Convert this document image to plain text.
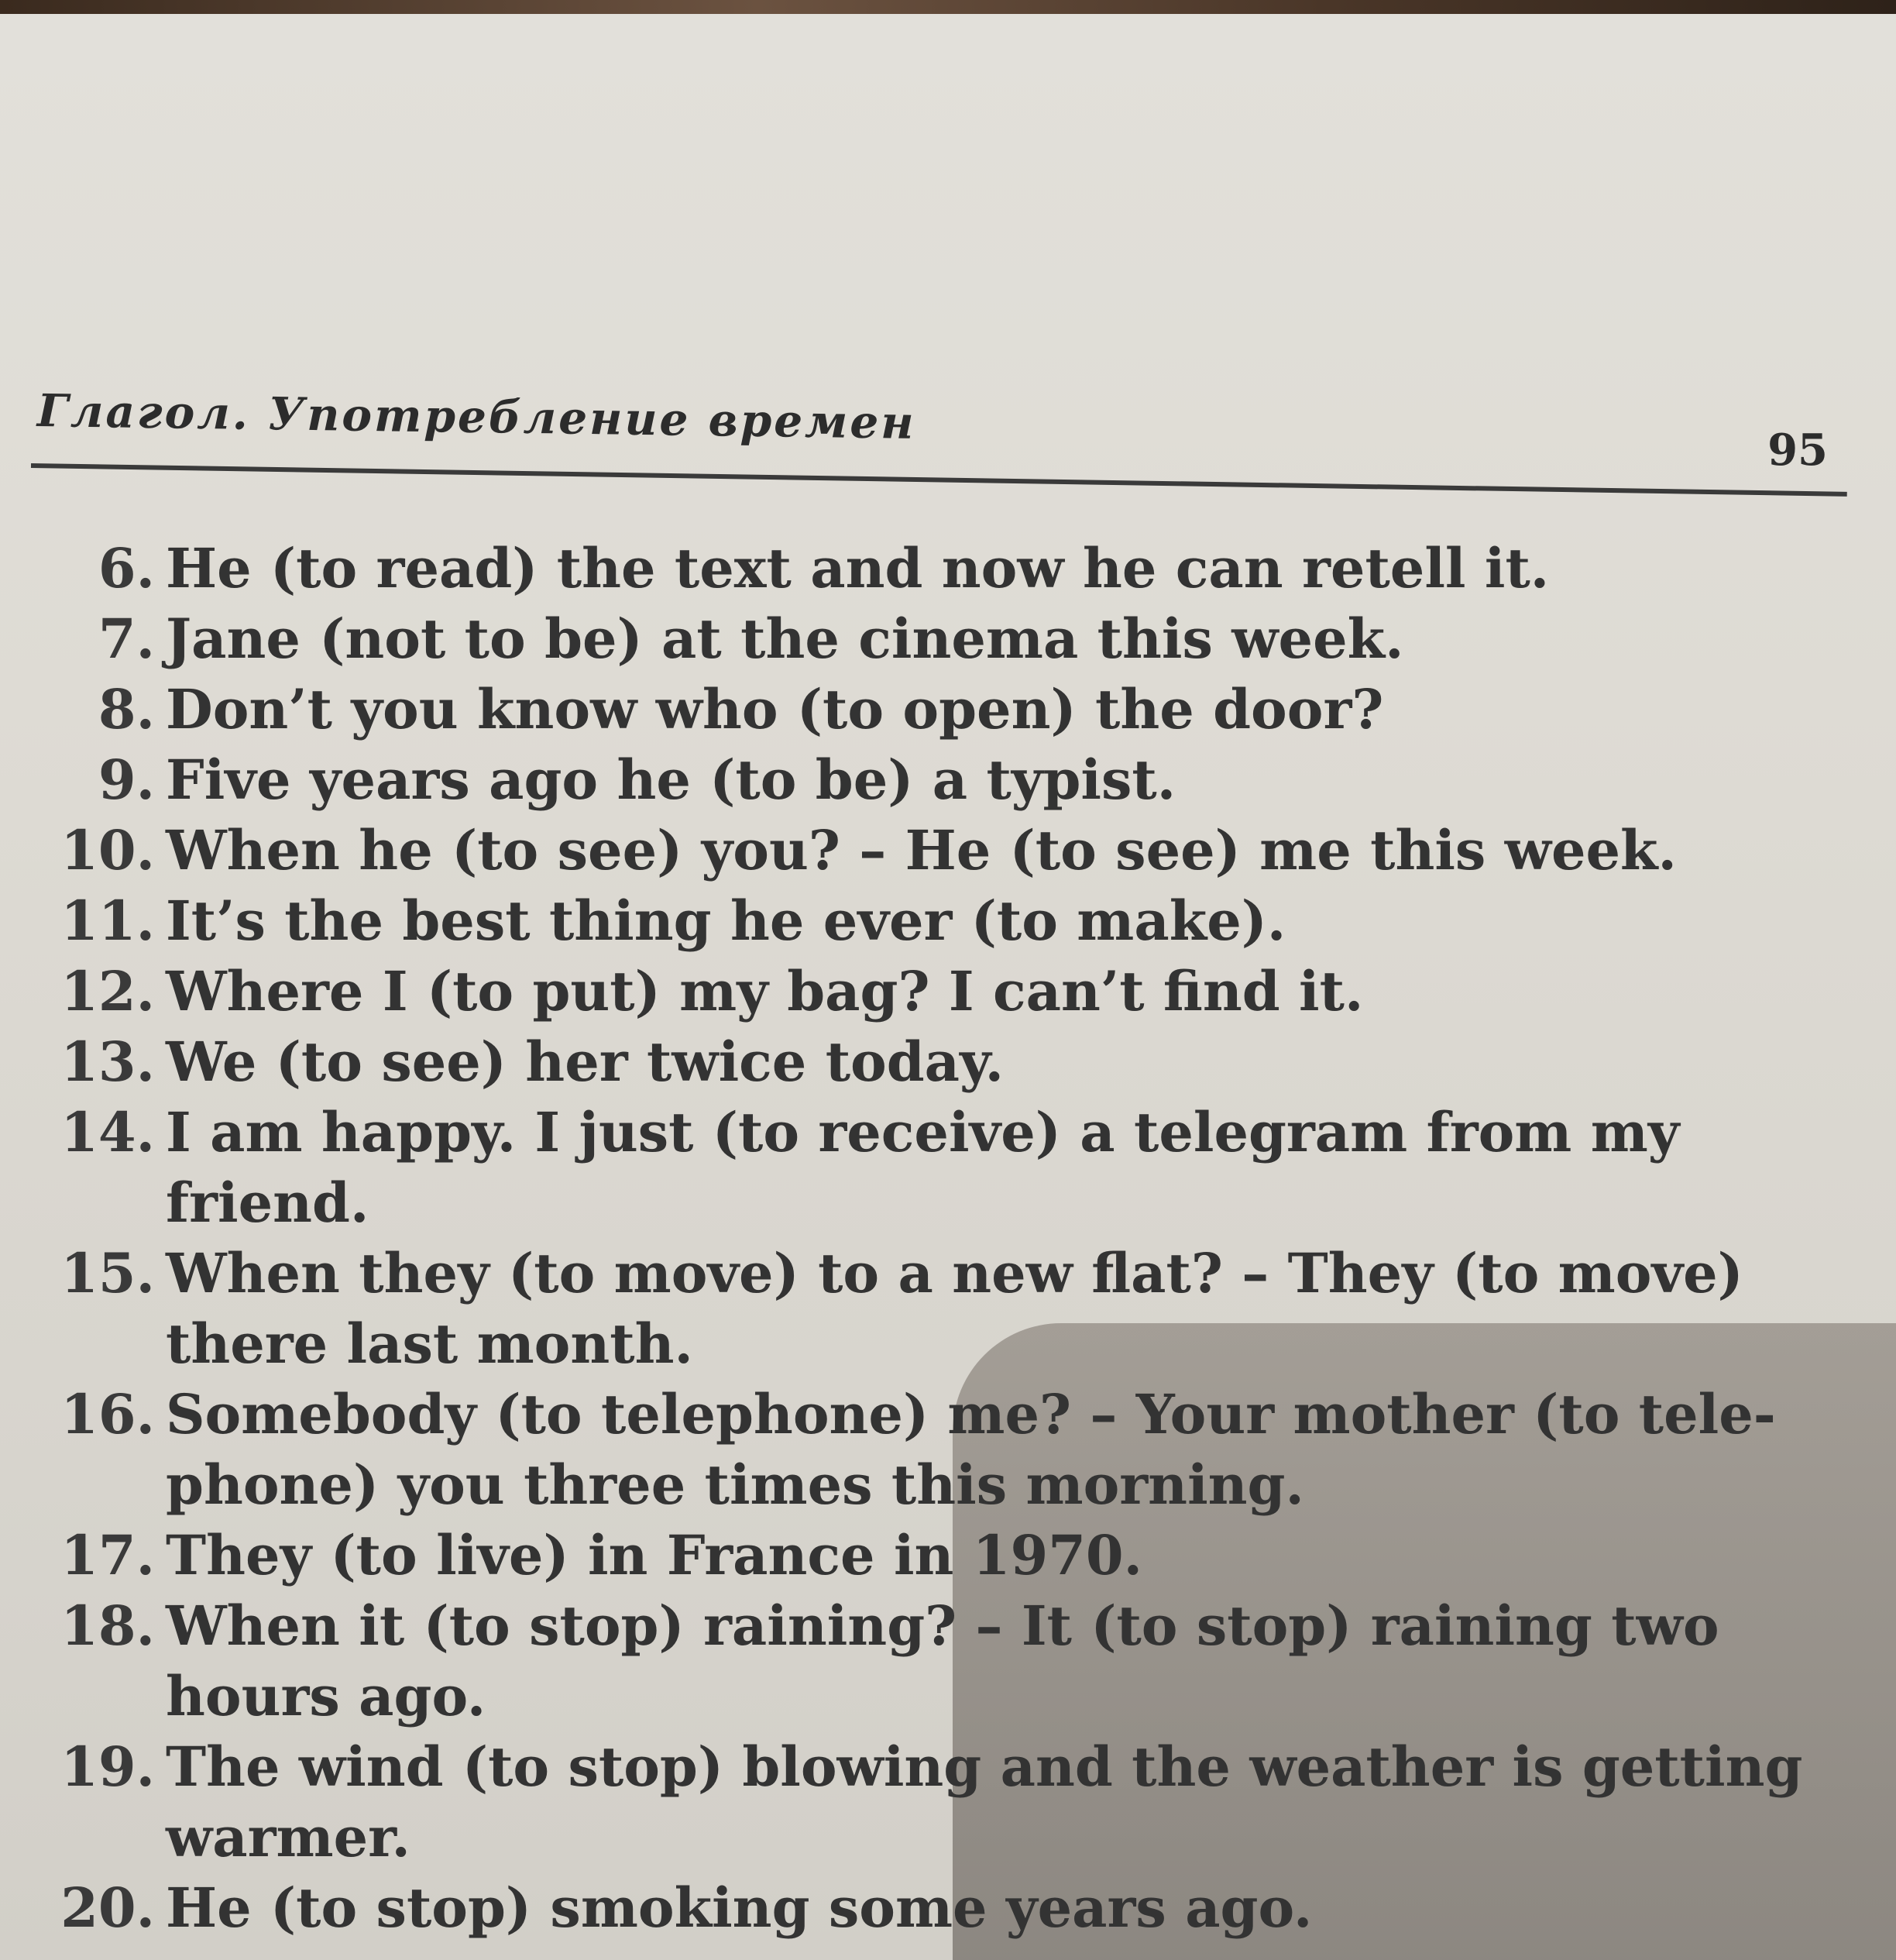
Глагол. Употребление времен
95
6. He (to read) the text and now he can retell it.
7. Jane (not to be) at the cinema this week.
8. Don’t you know who (to open) the door?
9. Five years ago he (to be) a typist.
10. When he (to see) you? – He (to see) me this week.
11. It’s the best thing he ever (to make).
12. Where I (to put) my bag? I can’t find it.
13. We (to see) her twice today.
14. I am happy. I just (to receive) a telegram from my friend.
15. When they (to move) to a new flat? – They (to move) there last month.
16. Somebody (to telephone) me? – Your mother (to tele-phone) you three times this morning.
17. They (to live) in France in 1970.
18. When it (to stop) raining? – It (to stop) raining two hours ago.
19. The wind (to stop) blowing and the weather is getting warmer.
20. He (to stop) smoking some years ago.
